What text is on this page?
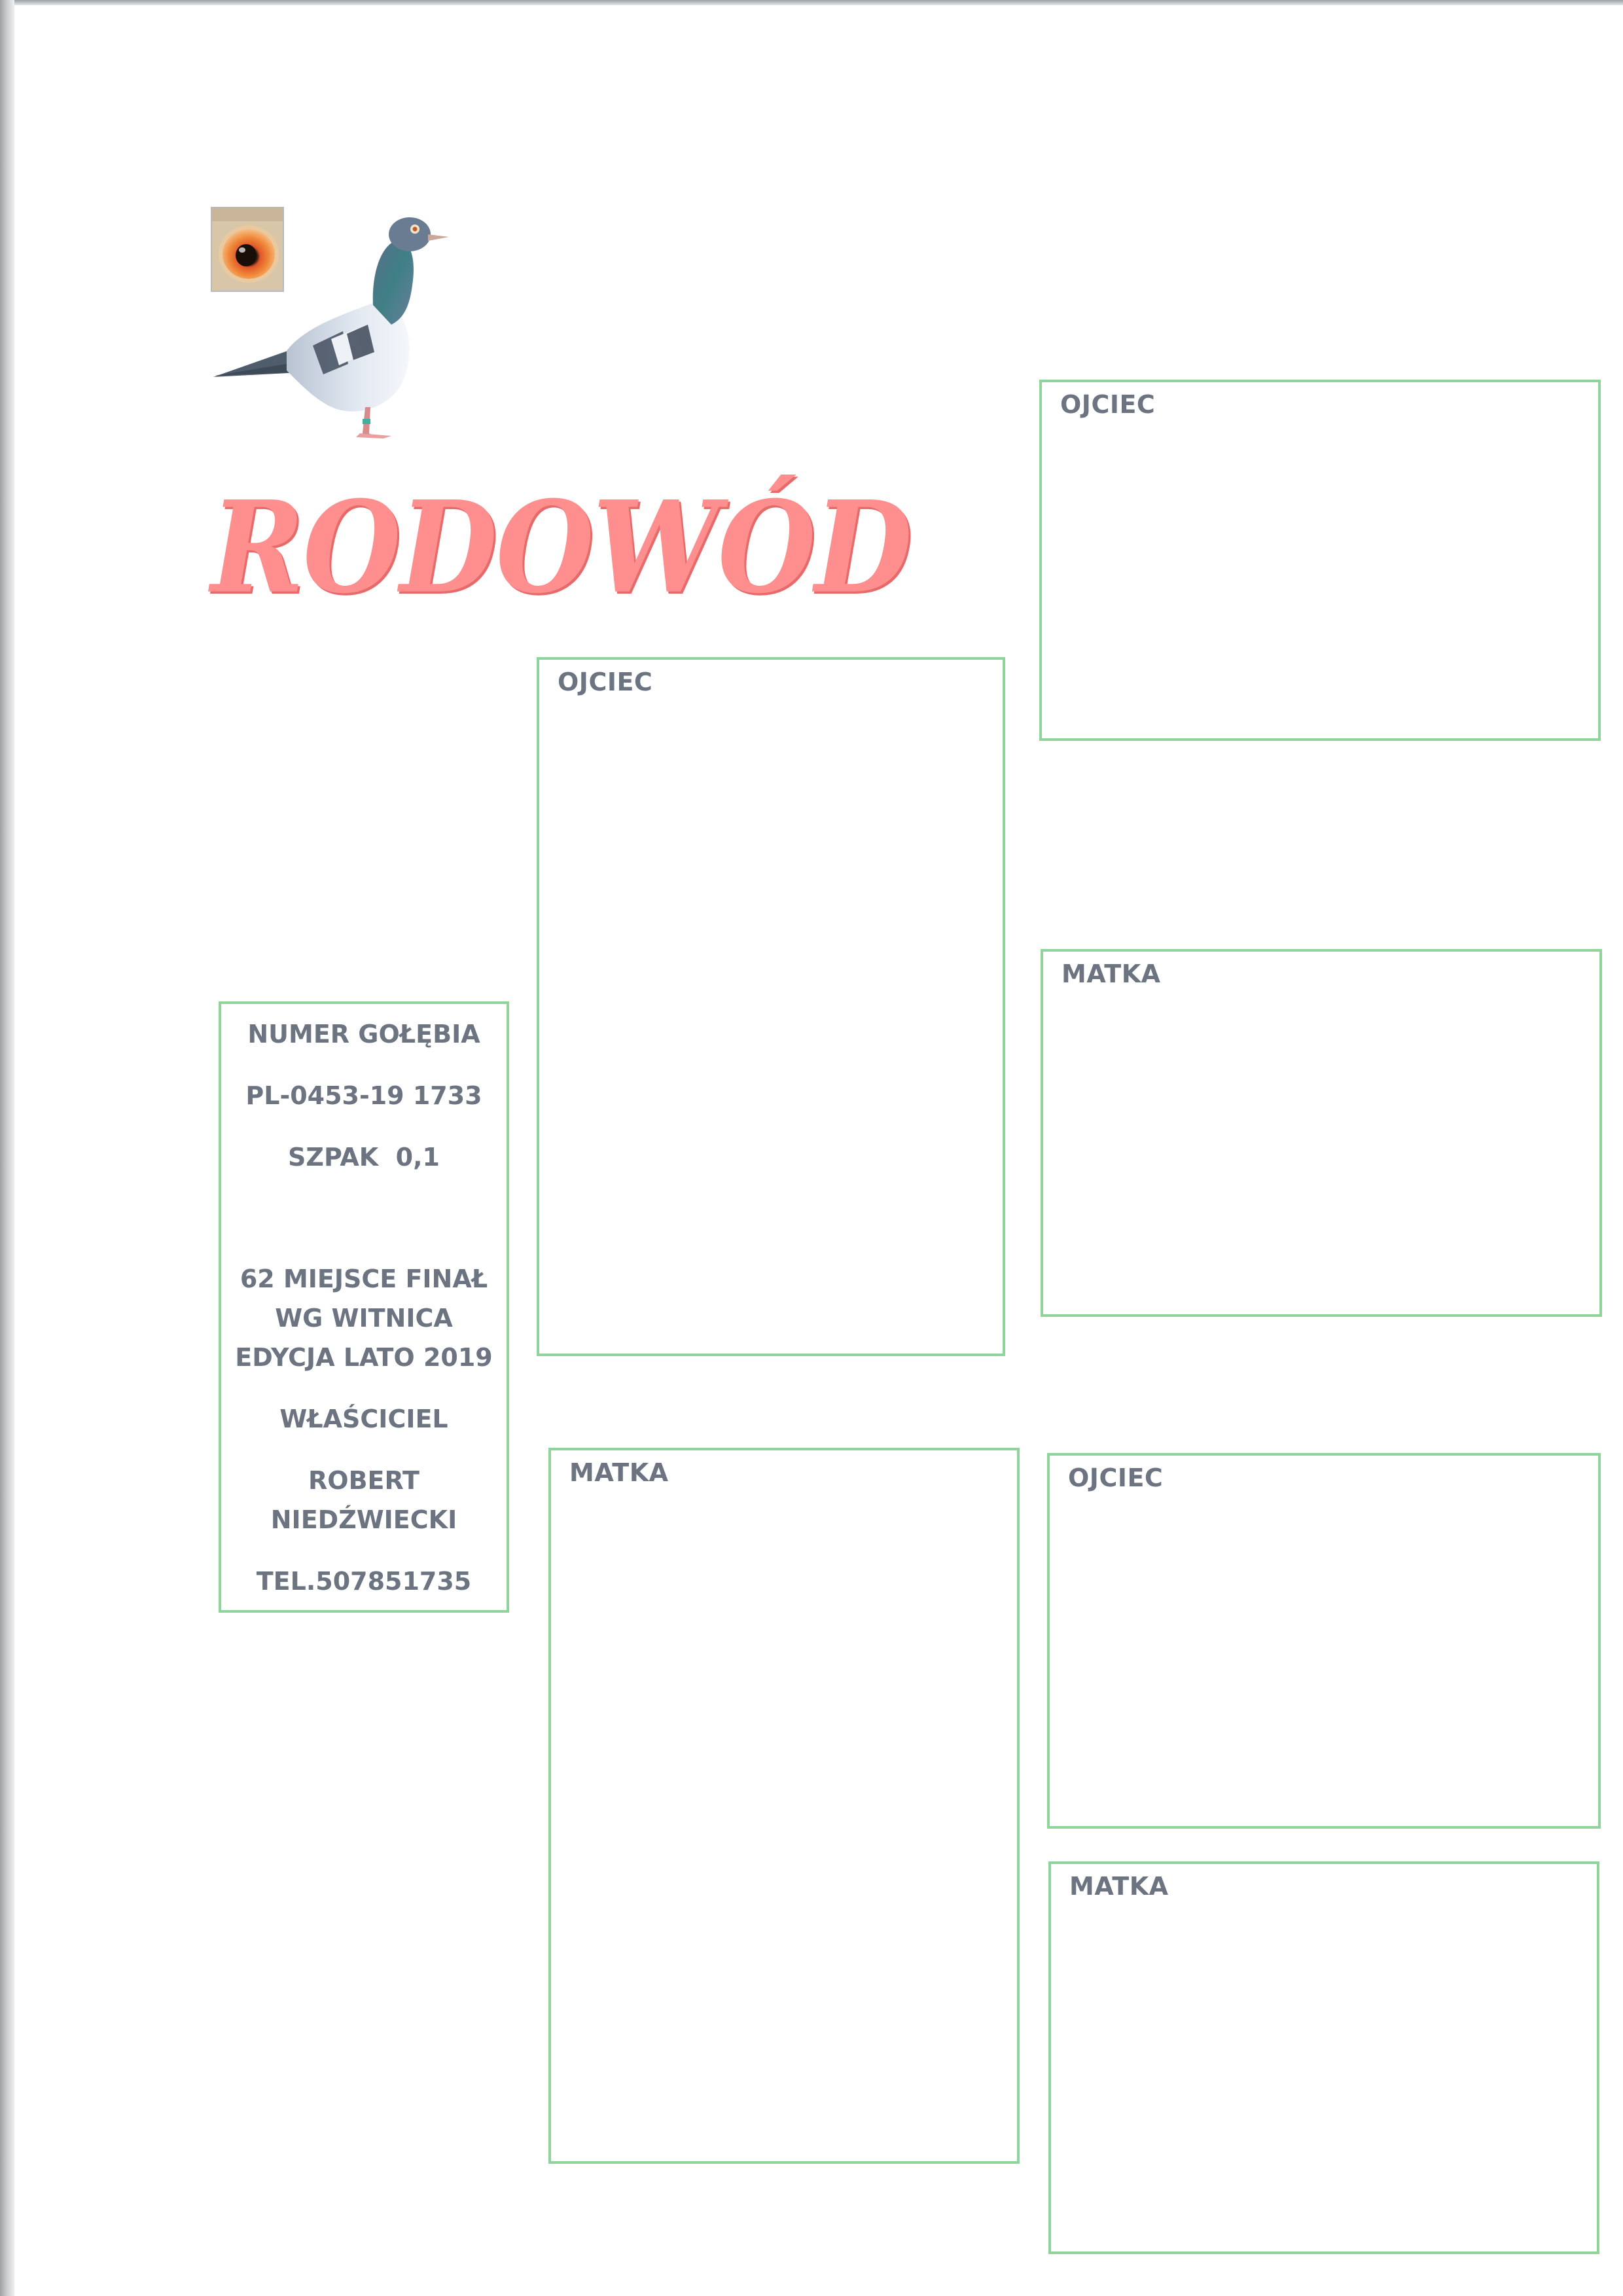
RODOWÓD
NUMER GOŁĘBIA
PL-0453-19 1733
SZPAK  0,1
62 MIEJSCE FINAŁ
WG WITNICA
EDYCJA LATO 2019
WŁAŚCICIEL
ROBERT
NIEDŹWIECKI
TEL.507851735
OJCIEC
MATKA
OJCIEC
MATKA
OJCIEC
MATKA
